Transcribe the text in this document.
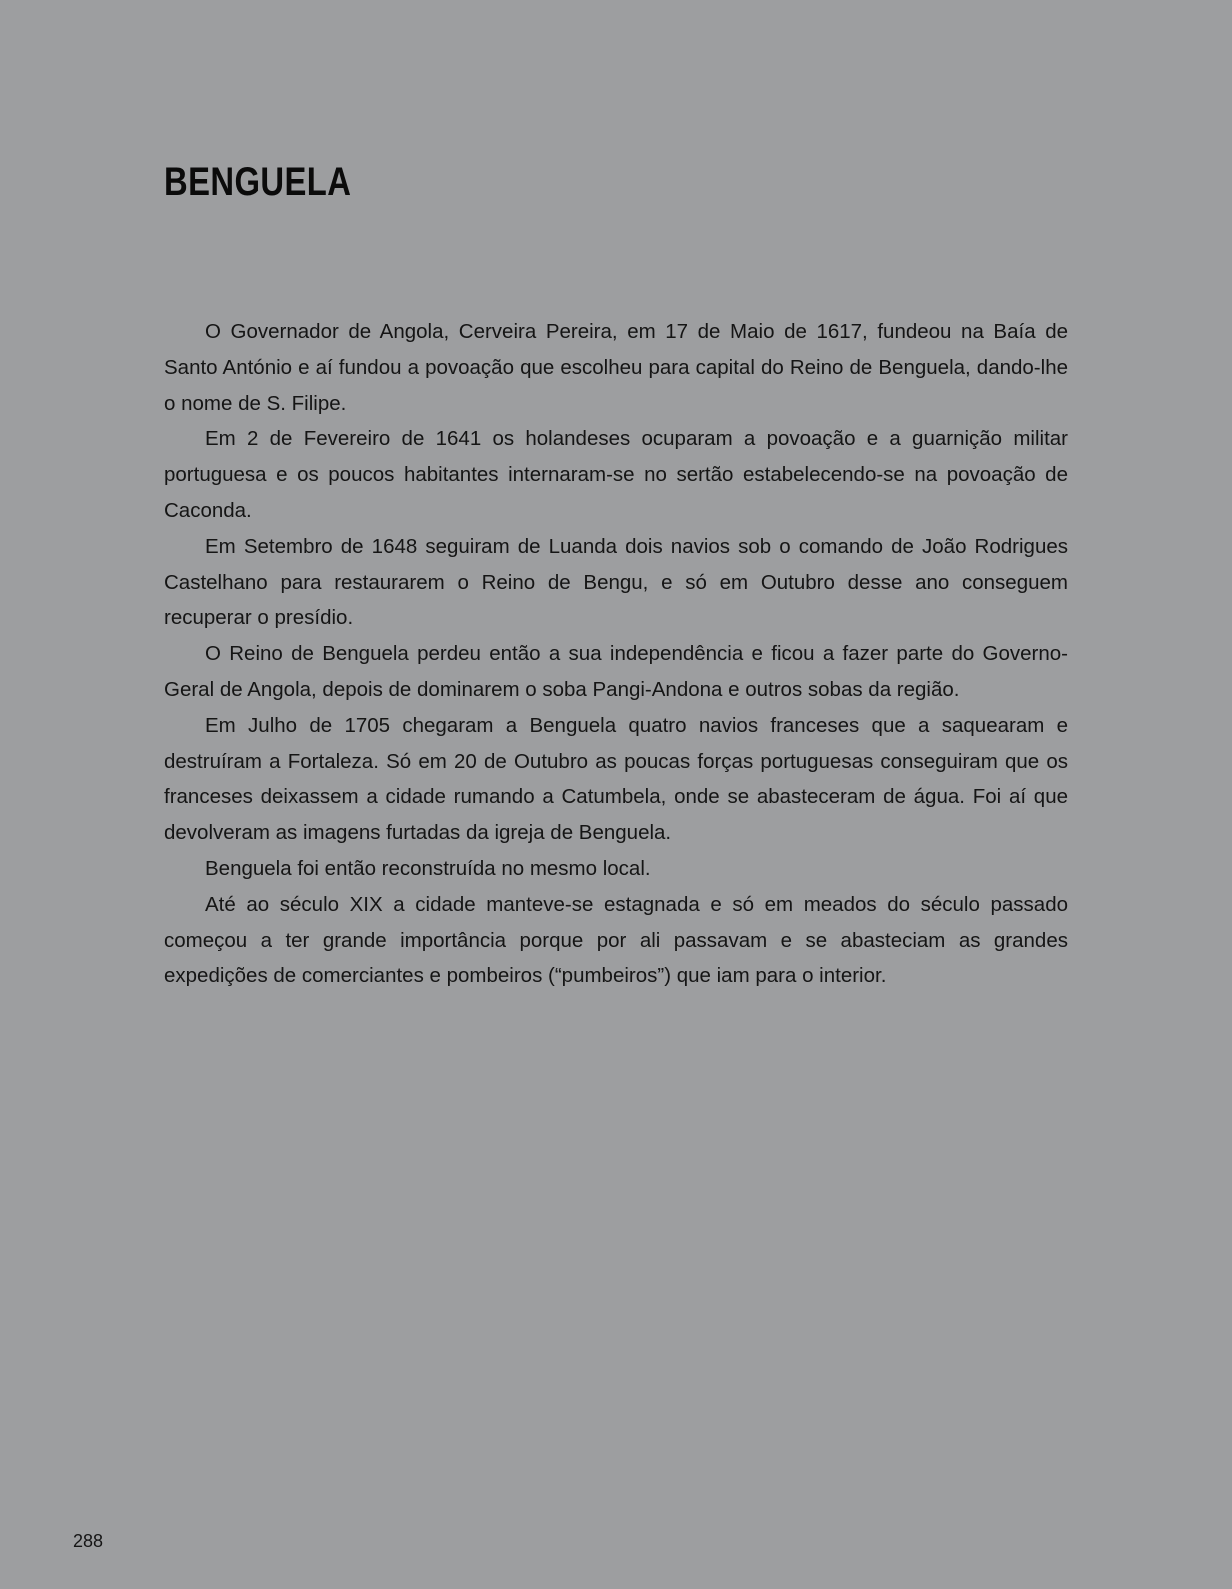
BENGUELA

O Governador de Angola, Cerveira Pereira, em 17 de Maio de 1617, fundeou na Baía de Santo António e aí fundou a povoação que escolheu para capital do Reino de Benguela, dando-lhe o nome de S. Filipe.

Em 2 de Fevereiro de 1641 os holandeses ocuparam a povoação e a guarnição militar portuguesa e os poucos habitantes internaram-se no sertão estabelecendo-se na povoação de Caconda.

Em Setembro de 1648 seguiram de Luanda dois navios sob o comando de João Rodrigues Castelhano para restaurarem o Reino de Bengu, e só em Outubro desse ano conseguem recuperar o presídio.

O Reino de Benguela perdeu então a sua independência e ficou a fazer parte do Governo-Geral de Angola, depois de dominarem o soba Pangi-Andona e outros sobas da região.

Em Julho de 1705 chegaram a Benguela quatro navios franceses que a saquearam e destruíram a Fortaleza. Só em 20 de Outubro as poucas forças portuguesas conseguiram que os franceses deixassem a cidade rumando a Catumbela, onde se abasteceram de água. Foi aí que devolveram as imagens furtadas da igreja de Benguela.

Benguela foi então reconstruída no mesmo local.

Até ao século XIX a cidade manteve-se estagnada e só em meados do século passado começou a ter grande importância porque por ali passavam e se abasteciam as grandes expedições de comerciantes e pombeiros (“pumbeiros”) que iam para o interior.

288
